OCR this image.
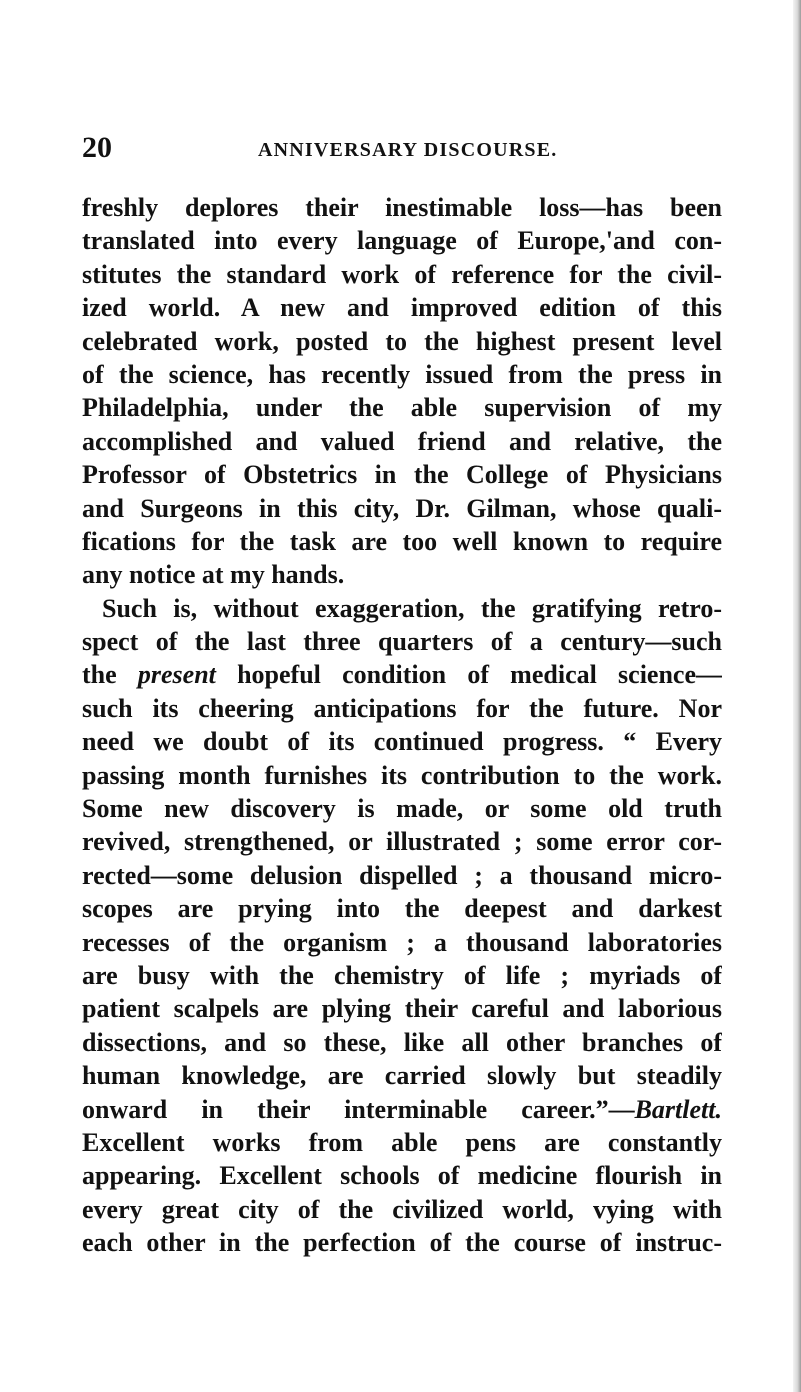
20	ANNIVERSARY DISCOURSE.
freshly deplores their inestimable loss—has been
translated into every language of Europe,'and con-
stitutes the standard work of reference for the civil-
ized world. A new and improved edition of this
celebrated work, posted to the highest present level
of the science, has recently issued from the press in
Philadelphia, under the able supervision of my
accomplished and valued friend and relative, the
Professor of Obstetrics in the College of Physicians
and Surgeons in this city, Dr. Gilman, whose quali-
fications for the task are too well known to require
any notice at my hands.
Such is, without exaggeration, the gratifying retro-
spect of the last three quarters of a century—such
the present hopeful condition of medical science—
such its cheering anticipations for the future. Nor
need we doubt of its continued progress. “ Every
passing month furnishes its contribution to the work.
Some new discovery is made, or some old truth
revived, strengthened, or illustrated ; some error cor-
rected—some delusion dispelled ; a thousand micro-
scopes are prying into the deepest and darkest
recesses of the organism ; a thousand laboratories
are busy with the chemistry of life ; myriads of
patient scalpels are plying their careful and laborious
dissections, and so these, like all other branches of
human knowledge, are carried slowly but steadily
onward in their interminable career.”—Bartlett.
Excellent works from able pens are constantly
appearing. Excellent schools of medicine flourish in
every great city of the civilized world, vying with
each other in the perfection of the course of instruc-
